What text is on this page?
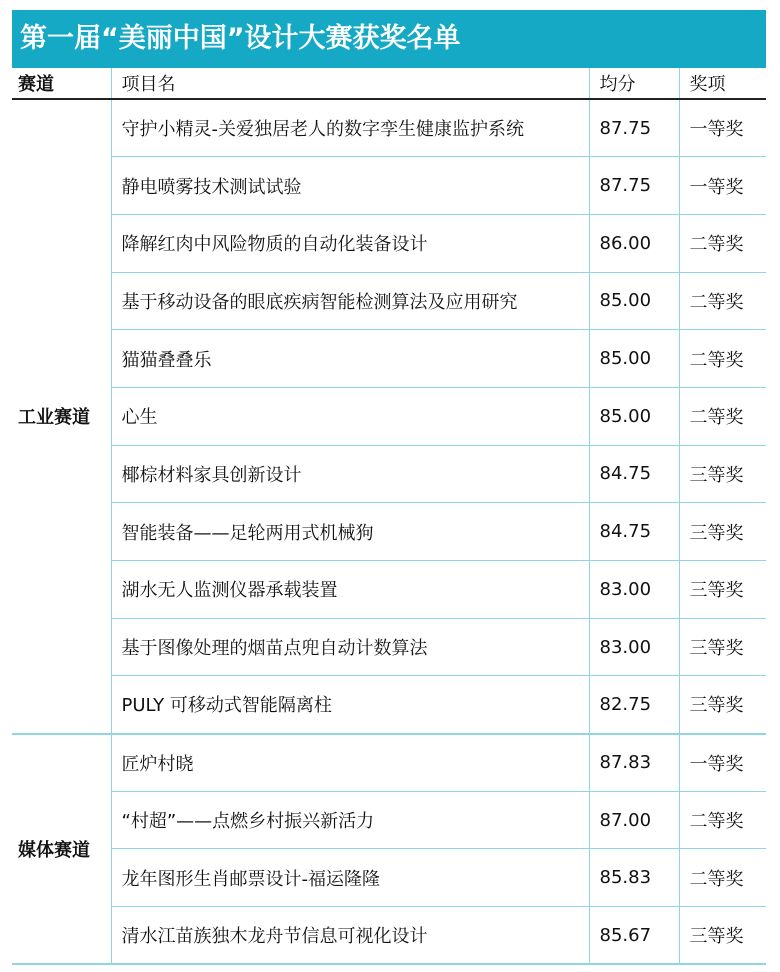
第一届“美丽中国”设计大赛获奖名单
赛道	项目名	均分	奖项
工业赛道	守护小精灵-关爱独居老人的数字孪生健康监护系统	87.75	一等奖
	静电喷雾技术测试试验	87.75	一等奖
	降解红肉中风险物质的自动化装备设计	86.00	二等奖
	基于移动设备的眼底疾病智能检测算法及应用研究	85.00	二等奖
	猫猫叠叠乐	85.00	二等奖
	心生	85.00	二等奖
	椰棕材料家具创新设计	84.75	三等奖
	智能装备——足轮两用式机械狗	84.75	三等奖
	湖水无人监测仪器承载装置	83.00	三等奖
	基于图像处理的烟苗点兜自动计数算法	83.00	三等奖
	PULY 可移动式智能隔离柱	82.75	三等奖
媒体赛道	匠炉村晓	87.83	一等奖
	“村超”——点燃乡村振兴新活力	87.00	二等奖
	龙年图形生肖邮票设计-福运隆隆	85.83	二等奖
	清水江苗族独木龙舟节信息可视化设计	85.67	三等奖
